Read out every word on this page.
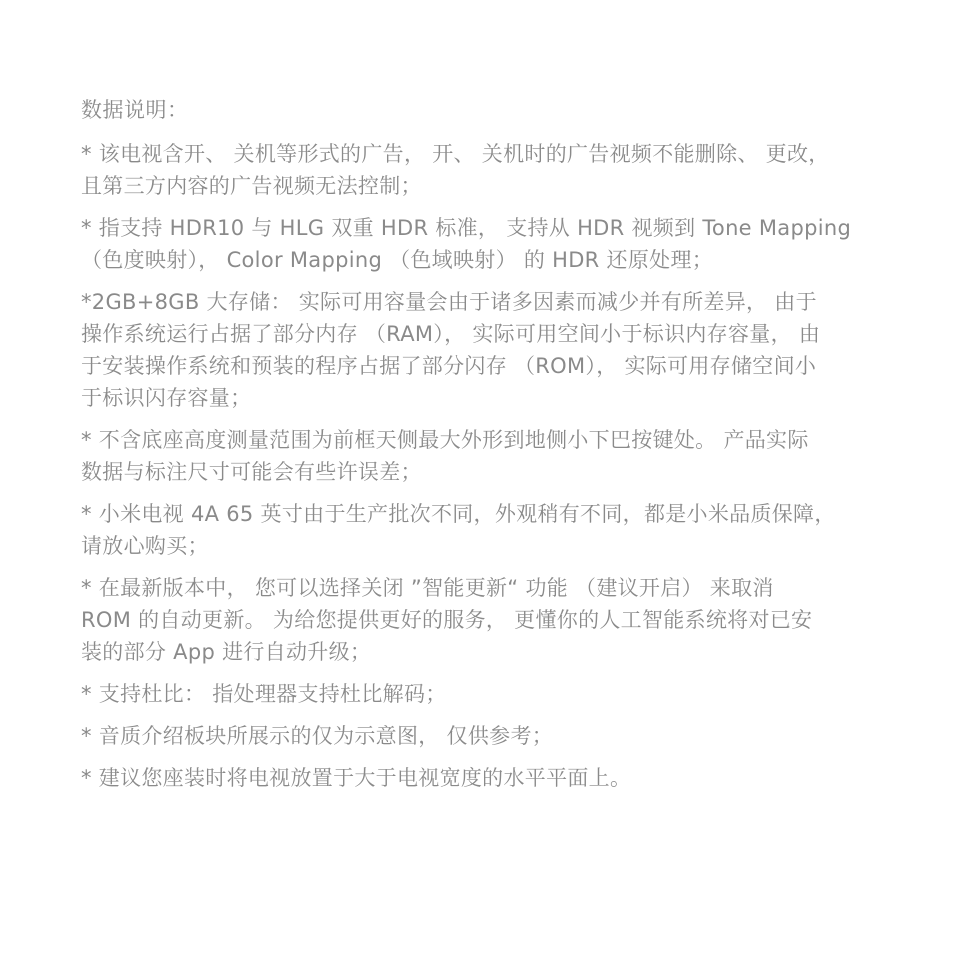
数据说明：
* 该电视含开、 关机等形式的广告， 开、 关机时的广告视频不能删除、 更改，
且第三方内容的广告视频无法控制；
* 指支持 HDR10 与 HLG 双重 HDR 标准， 支持从 HDR 视频到 Tone Mapping
（色度映射）， Color Mapping （色域映射） 的 HDR 还原处理；
*2GB+8GB 大存储： 实际可用容量会由于诸多因素而减少并有所差异， 由于
操作系统运行占据了部分内存 （RAM）， 实际可用空间小于标识内存容量， 由
于安装操作系统和预装的程序占据了部分闪存 （ROM）， 实际可用存储空间小
于标识闪存容量；
* 不含底座高度测量范围为前框天侧最大外形到地侧小下巴按键处。 产品实际
数据与标注尺寸可能会有些许误差；
* 小米电视 4A 65 英寸由于生产批次不同，外观稍有不同，都是小米品质保障，
请放心购买；
* 在最新版本中， 您可以选择关闭 ”智能更新“ 功能 （建议开启） 来取消
ROM 的自动更新。 为给您提供更好的服务， 更懂你的人工智能系统将对已安
装的部分 App 进行自动升级；
* 支持杜比： 指处理器支持杜比解码；
* 音质介绍板块所展示的仅为示意图， 仅供参考；
* 建议您座装时将电视放置于大于电视宽度的水平平面上。
